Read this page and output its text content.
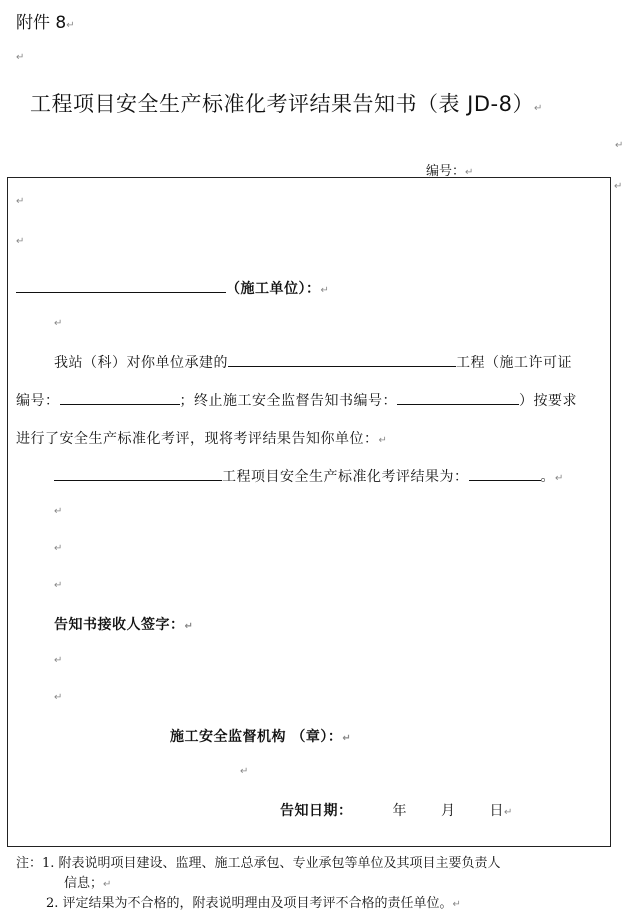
附件 8↵
↵
工程项目安全生产标准化考评结果告知书（表 JD-8）↵
↵
编号：↵
↵
↵
↵
（施工单位）：↵
↵
我站（科）对你单位承建的	工程（施工许可证
编号：	；终止施工安全监督告知书编号：	）按要求
进行了安全生产标准化考评，现将考评结果告知你单位：↵
工程项目安全生产标准化考评结果为：	。↵
↵
↵
↵
告知书接收人签字：↵
↵
↵
施工安全监督机构 （章）：↵
↵
告知日期：	年 月 日↵
注：1. 附表说明项目建设、监理、施工总承包、专业承包等单位及其项目主要负责人
信息；↵
2. 评定结果为不合格的，附表说明理由及项目考评不合格的责任单位。↵
